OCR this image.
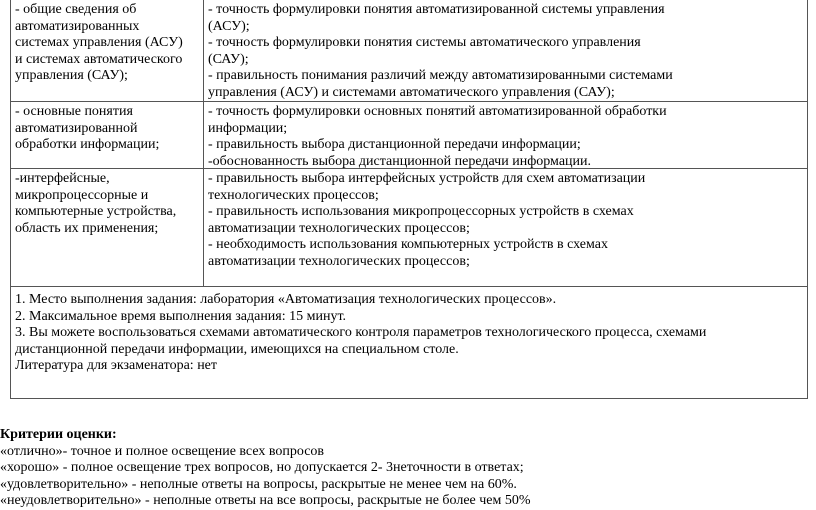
- общие сведения об
автоматизированных
системах управления (АСУ)
и системах автоматического
управления (САУ);
- точность формулировки понятия автоматизированной системы управления
(АСУ);
- точность формулировки понятия системы автоматического управления
(САУ);
- правильность понимания различий между автоматизированными системами
управления (АСУ) и системами автоматического управления (САУ);
- основные понятия
автоматизированной
обработки информации;
- точность формулировки основных понятий автоматизированной обработки
информации;
- правильность выбора дистанционной передачи информации;
-обоснованность выбора дистанционной передачи информации.
-интерфейсные,
микропроцессорные и
компьютерные устройства,
область их применения;
- правильность выбора интерфейсных устройств для схем автоматизации
технологических процессов;
- правильность использования микропроцессорных устройств в схемах
автоматизации технологических процессов;
- необходимость использования компьютерных устройств в схемах
автоматизации технологических процессов;
1. Место выполнения задания: лаборатория «Автоматизация технологических процессов».
2. Максимальное время выполнения задания: 15 минут.
3. Вы можете воспользоваться схемами автоматического контроля параметров технологического процесса, схемами
дистанционной передачи информации, имеющихся на специальном столе.
Литература для экзаменатора: нет
Критерии оценки:
«отлично»- точное и полное освещение всех вопросов
«хорошо» - полное освещение трех вопросов, но допускается 2- 3неточности в ответах;
«удовлетворительно» - неполные ответы на вопросы, раскрытые не менее чем на 60%.
«неудовлетворительно» - неполные ответы на все вопросы, раскрытые не более чем 50%
